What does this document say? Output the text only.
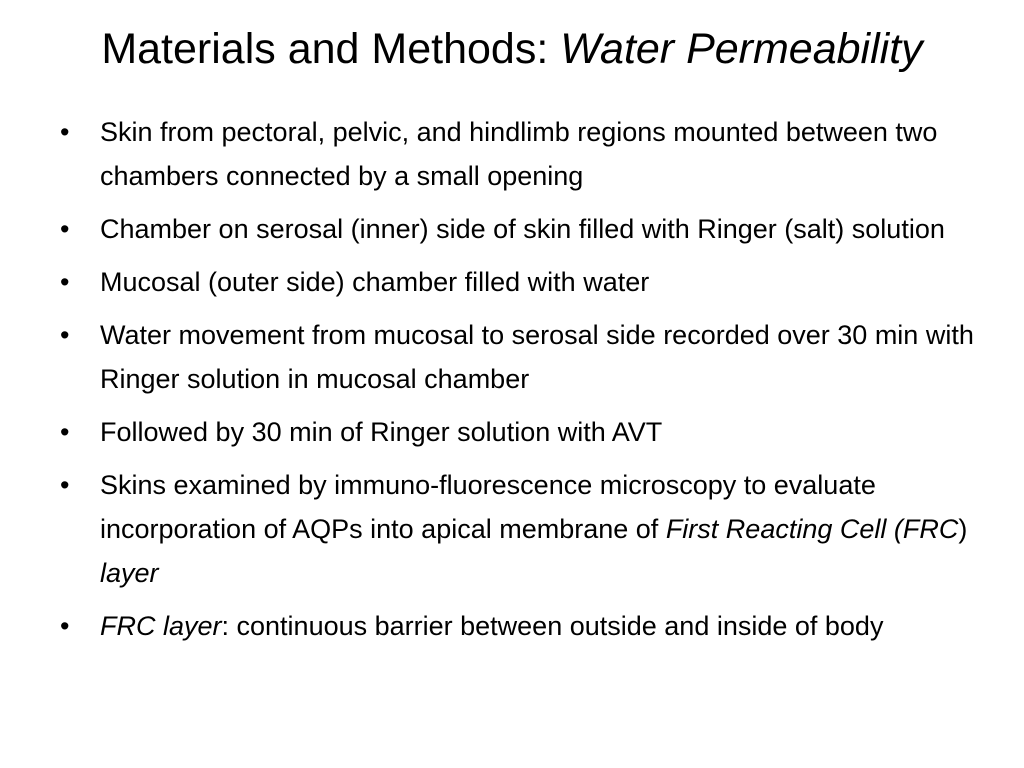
Materials and Methods: Water Permeability
• Skin from pectoral, pelvic, and hindlimb regions mounted between two chambers connected by a small opening
• Chamber on serosal (inner) side of skin filled with Ringer (salt) solution
• Mucosal (outer side) chamber filled with water
• Water movement from mucosal to serosal side recorded over 30 min with Ringer solution in mucosal chamber
• Followed by 30 min of Ringer solution with AVT
• Skins examined by immuno-fluorescence microscopy to evaluate incorporation of AQPs into apical membrane of First Reacting Cell (FRC) layer
• FRC layer: continuous barrier between outside and inside of body
